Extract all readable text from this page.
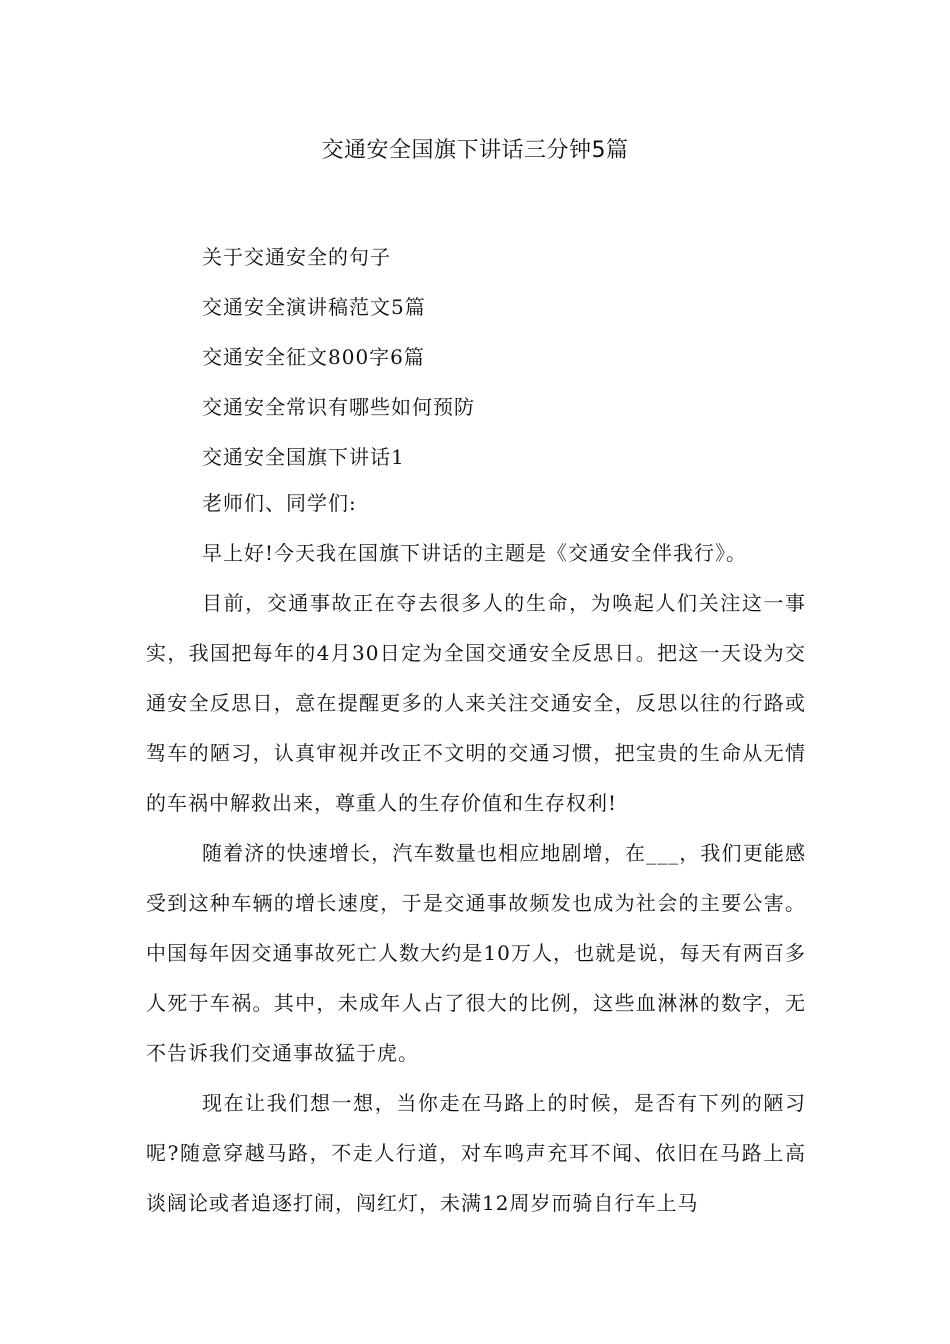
交通安全国旗下讲话三分钟5篇
关于交通安全的句子
交通安全演讲稿范文5篇
交通安全征文800字6篇
交通安全常识有哪些如何预防
交通安全国旗下讲话1
老师们、同学们:
早上好!今天我在国旗下讲话的主题是《交通安全伴我行》。

目前，交通事故正在夺去很多人的生命，为唤起人们关注这一事实，我国把每年的4月30日定为全国交通安全反思日。把这一天设为交通安全反思日，意在提醒更多的人来关注交通安全，反思以往的行路或驾车的陋习，认真审视并改正不文明的交通习惯，把宝贵的生命从无情的车祸中解救出来，尊重人的生存价值和生存权利!

随着济的快速增长，汽车数量也相应地剧增，在___，我们更能感受到这种车辆的增长速度，于是交通事故频发也成为社会的主要公害。中国每年因交通事故死亡人数大约是10万人，也就是说，每天有两百多人死于车祸。其中，未成年人占了很大的比例，这些血淋淋的数字，无不告诉我们交通事故猛于虎。

现在让我们想一想，当你走在马路上的时候，是否有下列的陋习呢?随意穿越马路，不走人行道，对车鸣声充耳不闻、依旧在马路上高谈阔论或者追逐打闹，闯红灯，未满12周岁而骑自行车上马
